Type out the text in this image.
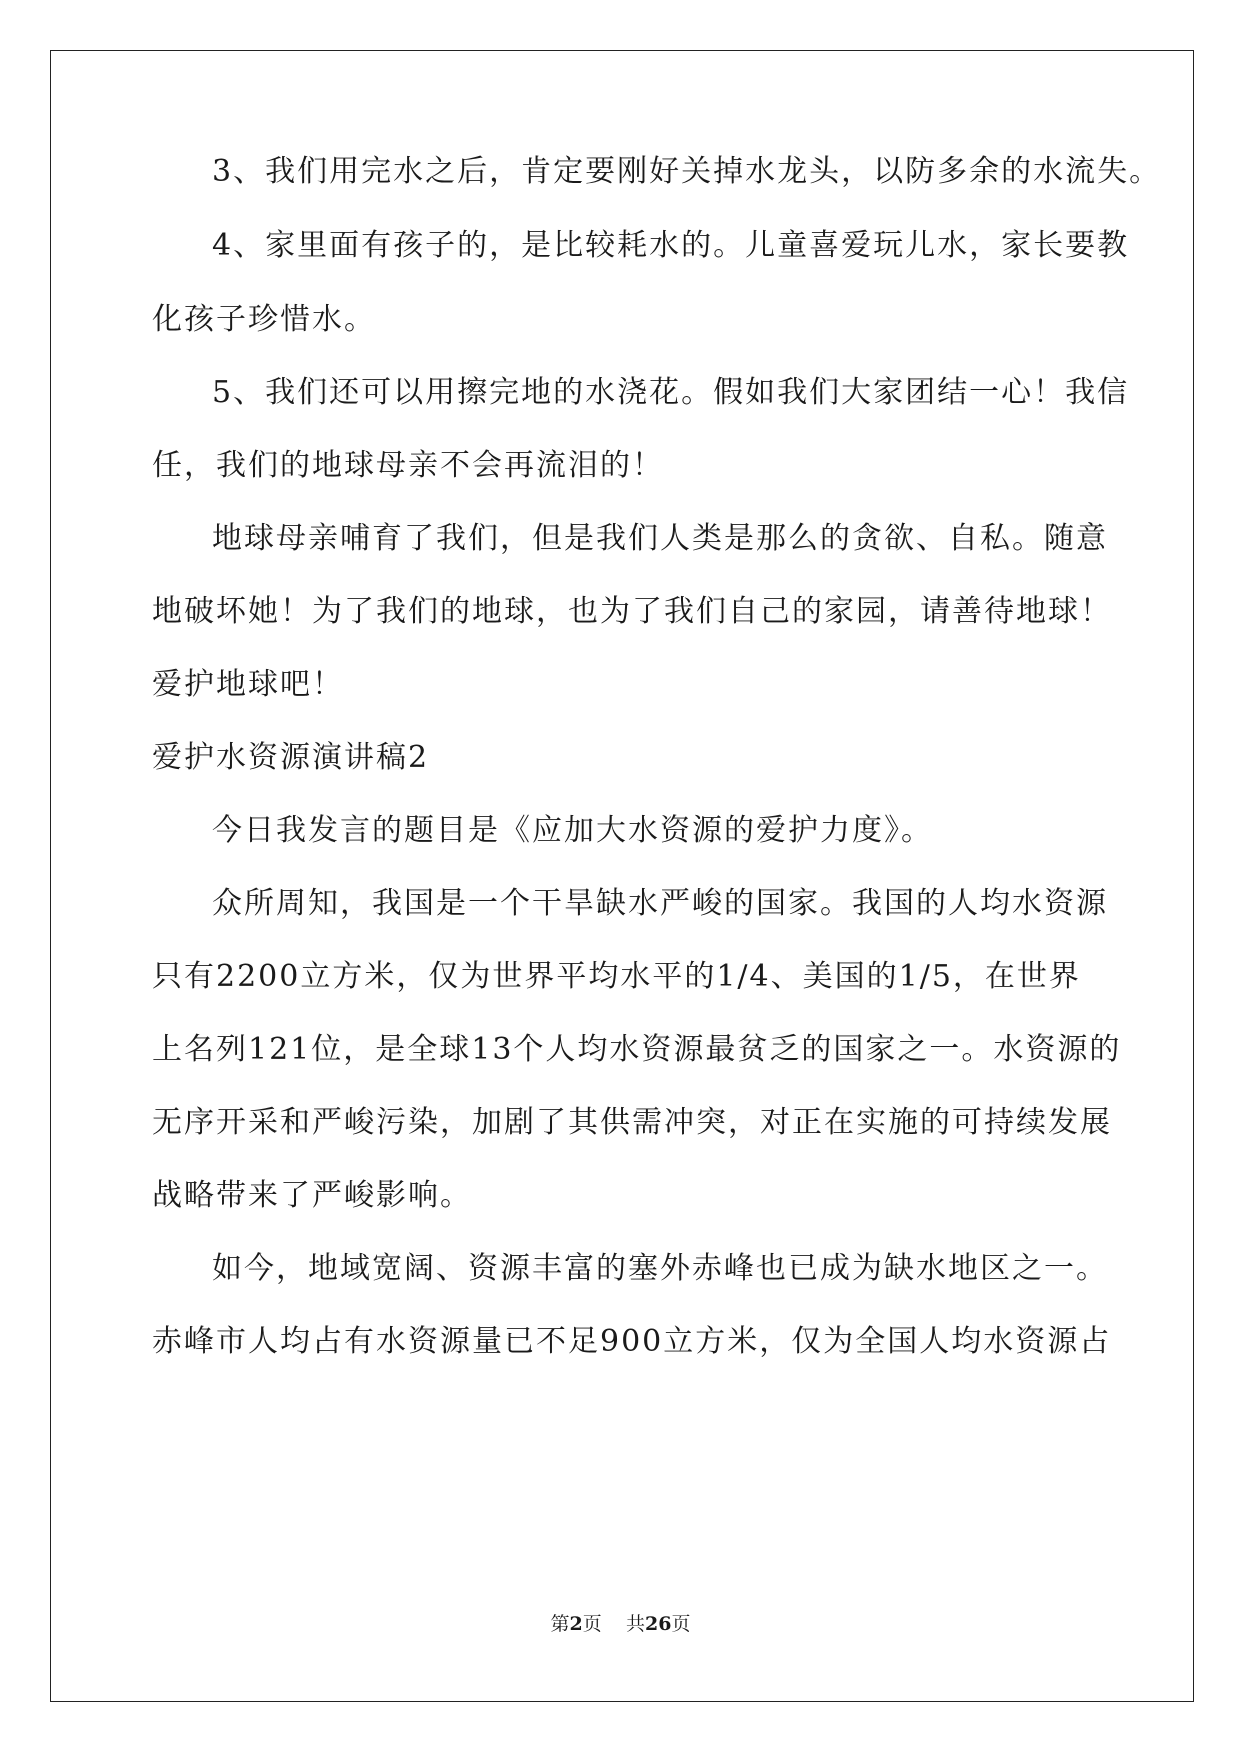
3、我们用完水之后，肯定要刚好关掉水龙头，以防多余的水流失。
4、家里面有孩子的，是比较耗水的。儿童喜爱玩儿水，家长要教
化孩子珍惜水。
5、我们还可以用擦完地的水浇花。假如我们大家团结一心！我信
任，我们的地球母亲不会再流泪的！
地球母亲哺育了我们，但是我们人类是那么的贪欲、自私。随意
地破坏她！为了我们的地球，也为了我们自己的家园，请善待地球！
爱护地球吧！
爱护水资源演讲稿2
今日我发言的题目是《应加大水资源的爱护力度》。
众所周知，我国是一个干旱缺水严峻的国家。我国的人均水资源
只有2200立方米，仅为世界平均水平的1/4、美国的1/5，在世界
上名列121位，是全球13个人均水资源最贫乏的国家之一。水资源的
无序开采和严峻污染，加剧了其供需冲突，对正在实施的可持续发展
战略带来了严峻影响。
如今，地域宽阔、资源丰富的塞外赤峰也已成为缺水地区之一。
赤峰市人均占有水资源量已不足900立方米，仅为全国人均水资源占
第2页 共26页
